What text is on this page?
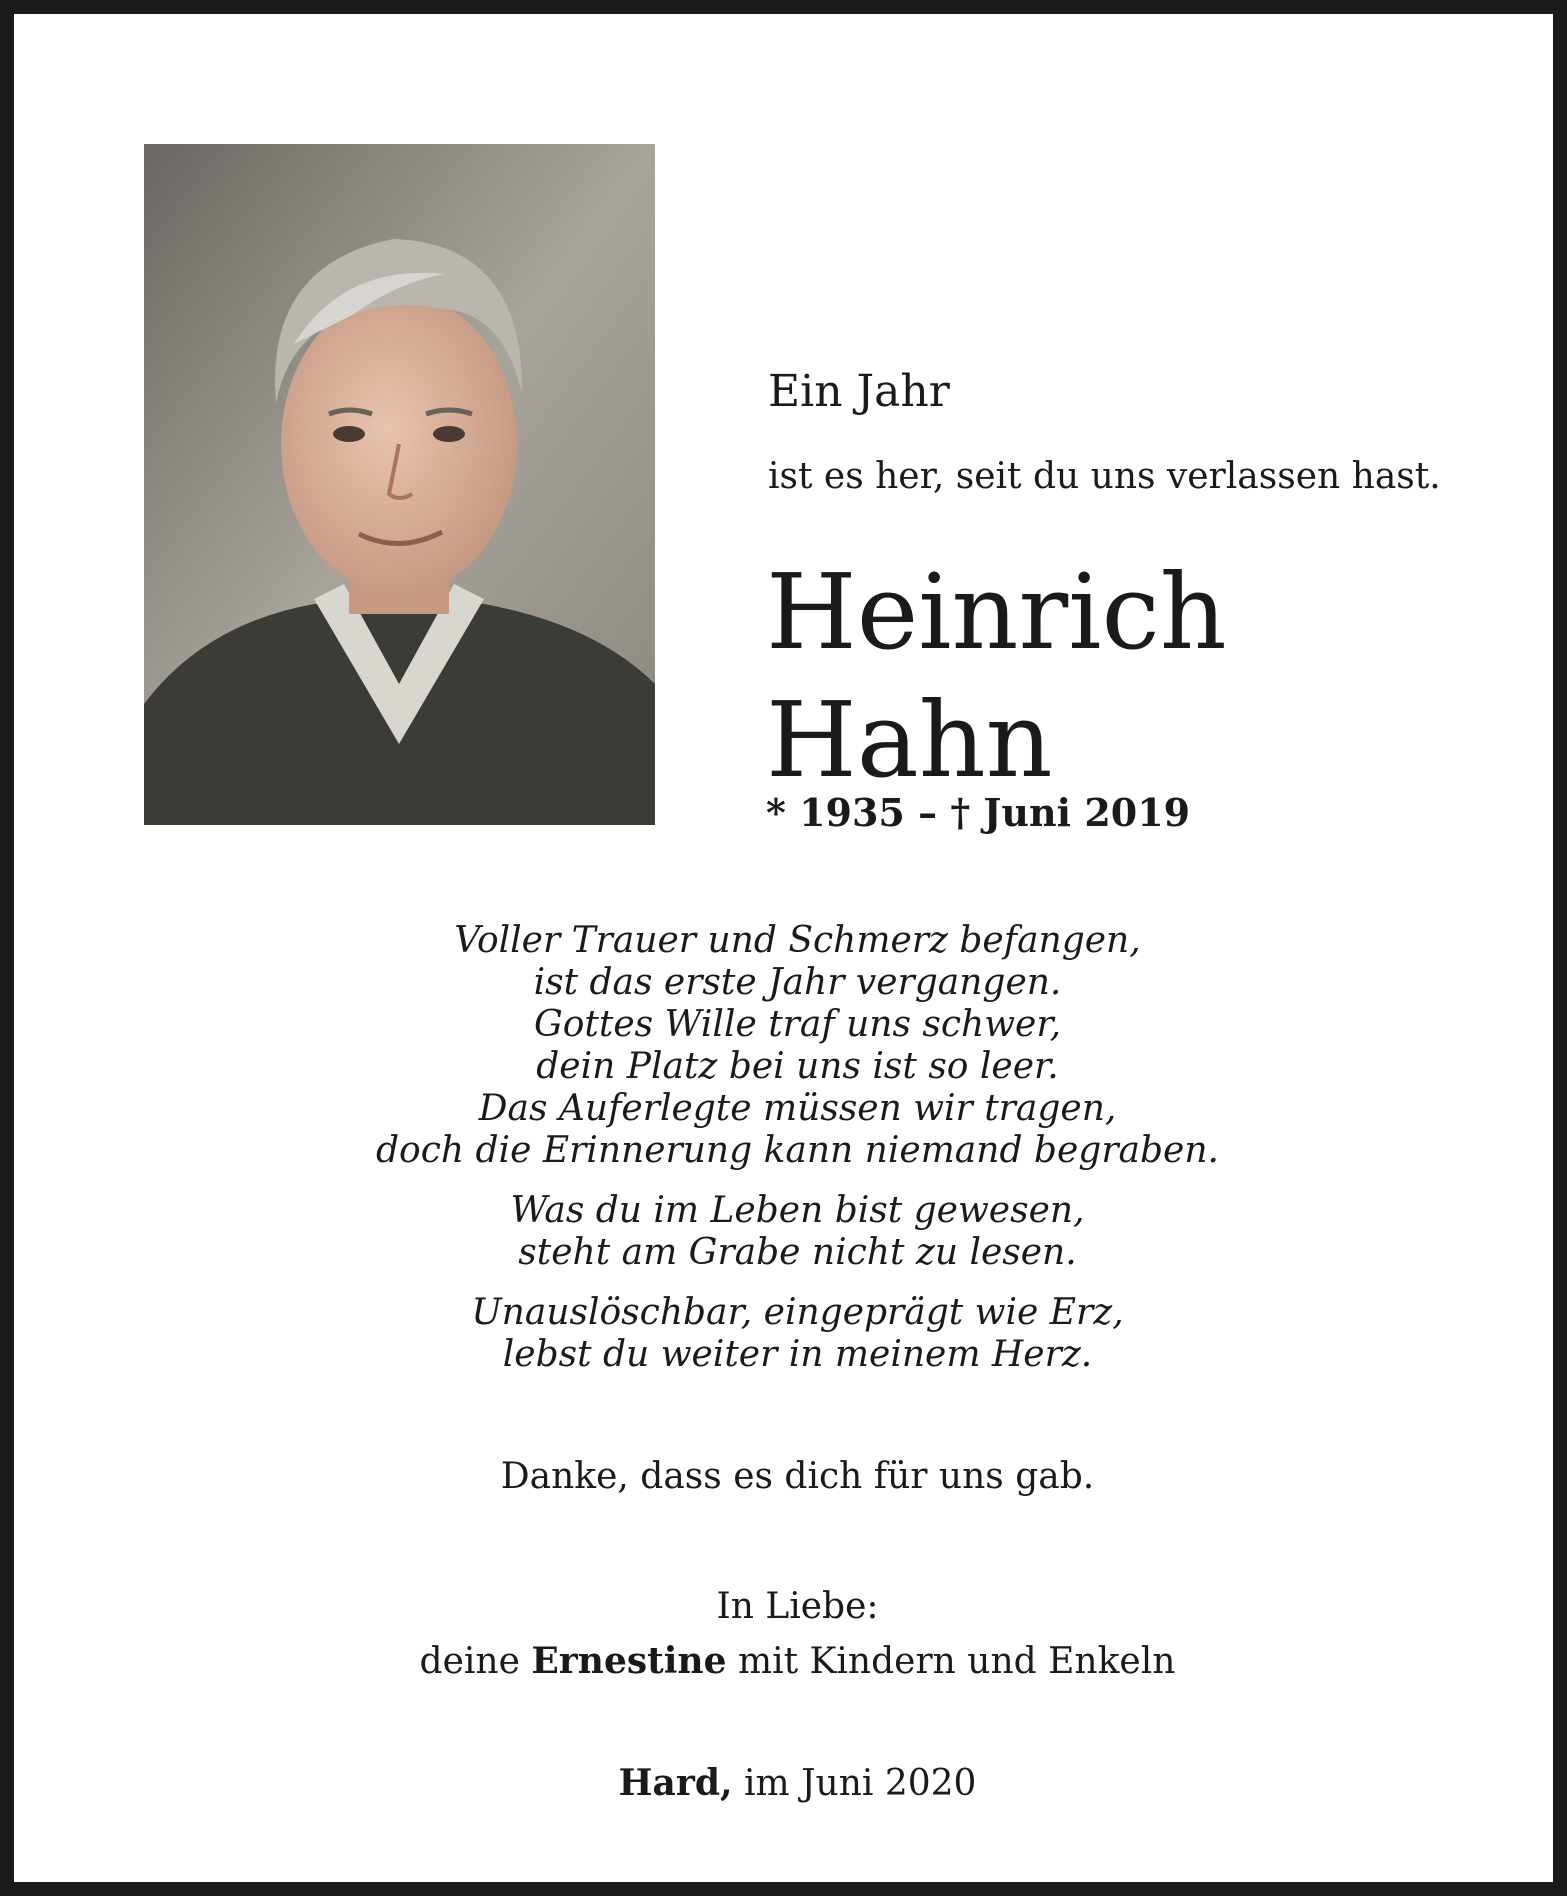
Ein Jahr

ist es her, seit du uns verlassen hast.

Heinrich
Hahn

* 1935 – † Juni 2019

Voller Trauer und Schmerz befangen,

ist das erste Jahr vergangen.

Gottes Wille traf uns schwer,

dein Platz bei uns ist so leer.

Das Auferlegte müssen wir tragen,

doch die Erinnerung kann niemand begraben.

Was du im Leben bist gewesen,

steht am Grabe nicht zu lesen.

Unauslöschbar, eingeprägt wie Erz,

lebst du weiter in meinem Herz.

Danke, dass es dich für uns gab.

In Liebe:

deine Ernestine mit Kindern und Enkeln

Hard, im Juni 2020
